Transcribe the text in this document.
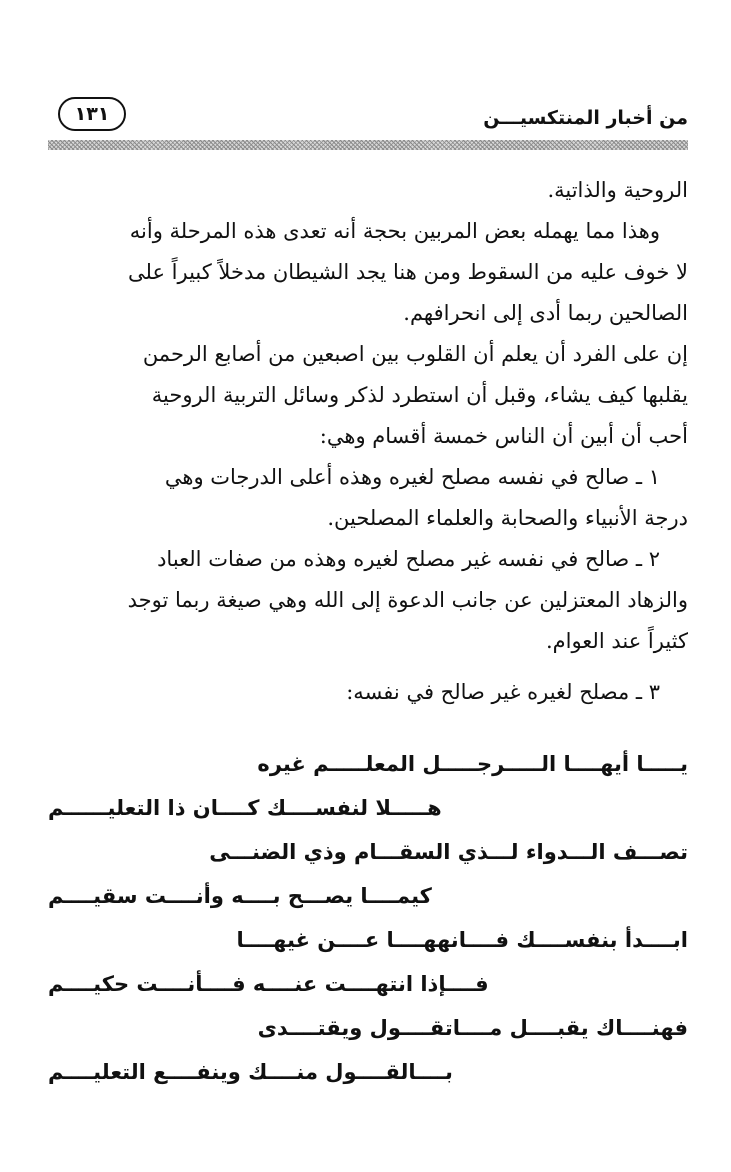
من أخبار المنتكسيـــن
١٣١
الروحية والذاتية.
وهذا مما يهمله بعض المربين بحجة أنه تعدى هذه المرحلة وأنه
لا خوف عليه من السقوط ومن هنا يجد الشيطان مدخلاً كبيراً على
الصالحين ربما أدى إلى انحرافهم.
إن على الفرد أن يعلم أن القلوب بين اصبعين من أصابع الرحمن
يقلبها كيف يشاء، وقبل أن استطرد لذكر وسائل التربية الروحية
أحب أن أبين أن الناس خمسة أقسام وهي:
١ ـ صالح في نفسه مصلح لغيره وهذه أعلى الدرجات وهي
درجة الأنبياء والصحابة والعلماء المصلحين.
٢ ـ صالح في نفسه غير مصلح لغيره وهذه من صفات العباد
والزهاد المعتزلين عن جانب الدعوة إلى الله وهي صيغة ربما توجد
كثيراً عند العوام.
٣ ـ مصلح لغيره غير صالح في نفسه:
يـــــا أيهــــا الـــــرجـــــل المعلـــــم غيره
هـــــلا لنفســــك كــــان ذا التعليــــــم
تصـــف الـــدواء لـــذي السقـــام وذي الضنـــى
كيمــــا يصـــح بــــه وأنــــت سقيــــم
ابــــدأ بنفســــك فــــانههــــا عــــن غيهــــا
فــــإذا انتهــــت عنــــه فــــأنــــت حكيــــم
فهنــــاك يقبــــل مــــاتقــــول ويقتــــدى
بــــالقــــول منــــك وينفــــع التعليــــم
